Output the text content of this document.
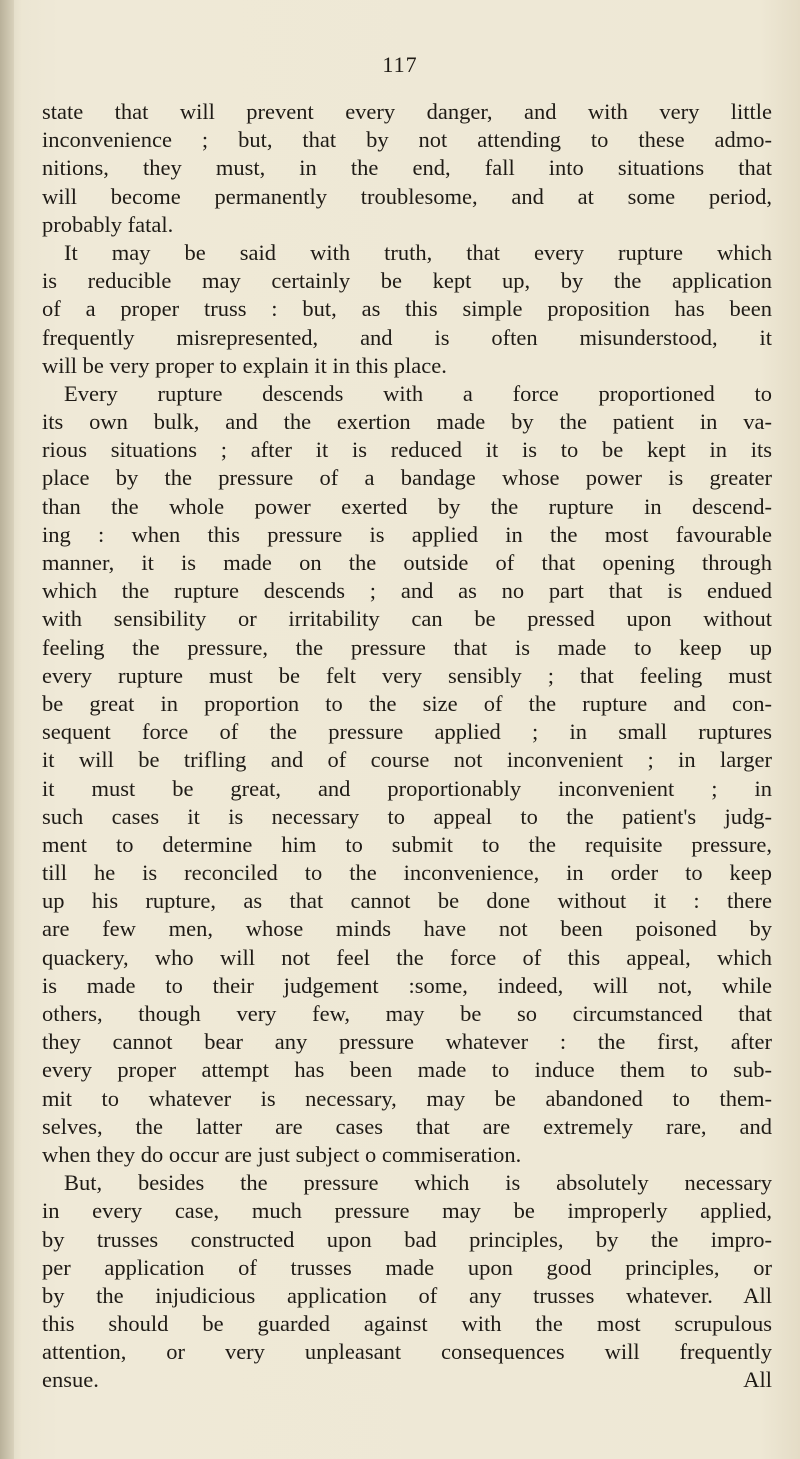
117
state that will prevent every danger, and with very little
inconvenience ; but, that by not attending to these admo-
nitions, they must, in the end, fall into situations that
will become permanently troublesome, and at some period,
probably fatal.
It may be said with truth, that every rupture which
is reducible may certainly be kept up, by the application
of a proper truss : but, as this simple proposition has been
frequently misrepresented, and is often misunderstood, it
will be very proper to explain it in this place.
Every rupture descends with a force proportioned to
its own bulk, and the exertion made by the patient in va-
rious situations ; after it is reduced it is to be kept in its
place by the pressure of a bandage whose power is greater
than the whole power exerted by the rupture in descend-
ing : when this pressure is applied in the most favourable
manner, it is made on the outside of that opening through
which the rupture descends ; and as no part that is endued
with sensibility or irritability can be pressed upon without
feeling the pressure, the pressure that is made to keep up
every rupture must be felt very sensibly ; that feeling must
be great in proportion to the size of the rupture and con-
sequent force of the pressure applied ; in small ruptures
it will be trifling and of course not inconvenient ; in larger
it must be great, and proportionably inconvenient ; in
such cases it is necessary to appeal to the patient's judg-
ment to determine him to submit to the requisite pressure,
till he is reconciled to the inconvenience, in order to keep
up his rupture, as that cannot be done without it : there
are few men, whose minds have not been poisoned by
quackery, who will not feel the force of this appeal, which
is made to their judgement :some, indeed, will not, while
others, though very few, may be so circumstanced that
they cannot bear any pressure whatever : the first, after
every proper attempt has been made to induce them to sub-
mit to whatever is necessary, may be abandoned to them-
selves, the latter are cases that are extremely rare, and
when they do occur are just subject o commiseration.
But, besides the pressure which is absolutely necessary
in every case, much pressure may be improperly applied,
by trusses constructed upon bad principles, by the impro-
per application of trusses made upon good principles, or
by the injudicious application of any trusses whatever. All
this should be guarded against with the most scrupulous
attention, or very unpleasant consequences will frequently
ensue.	All
